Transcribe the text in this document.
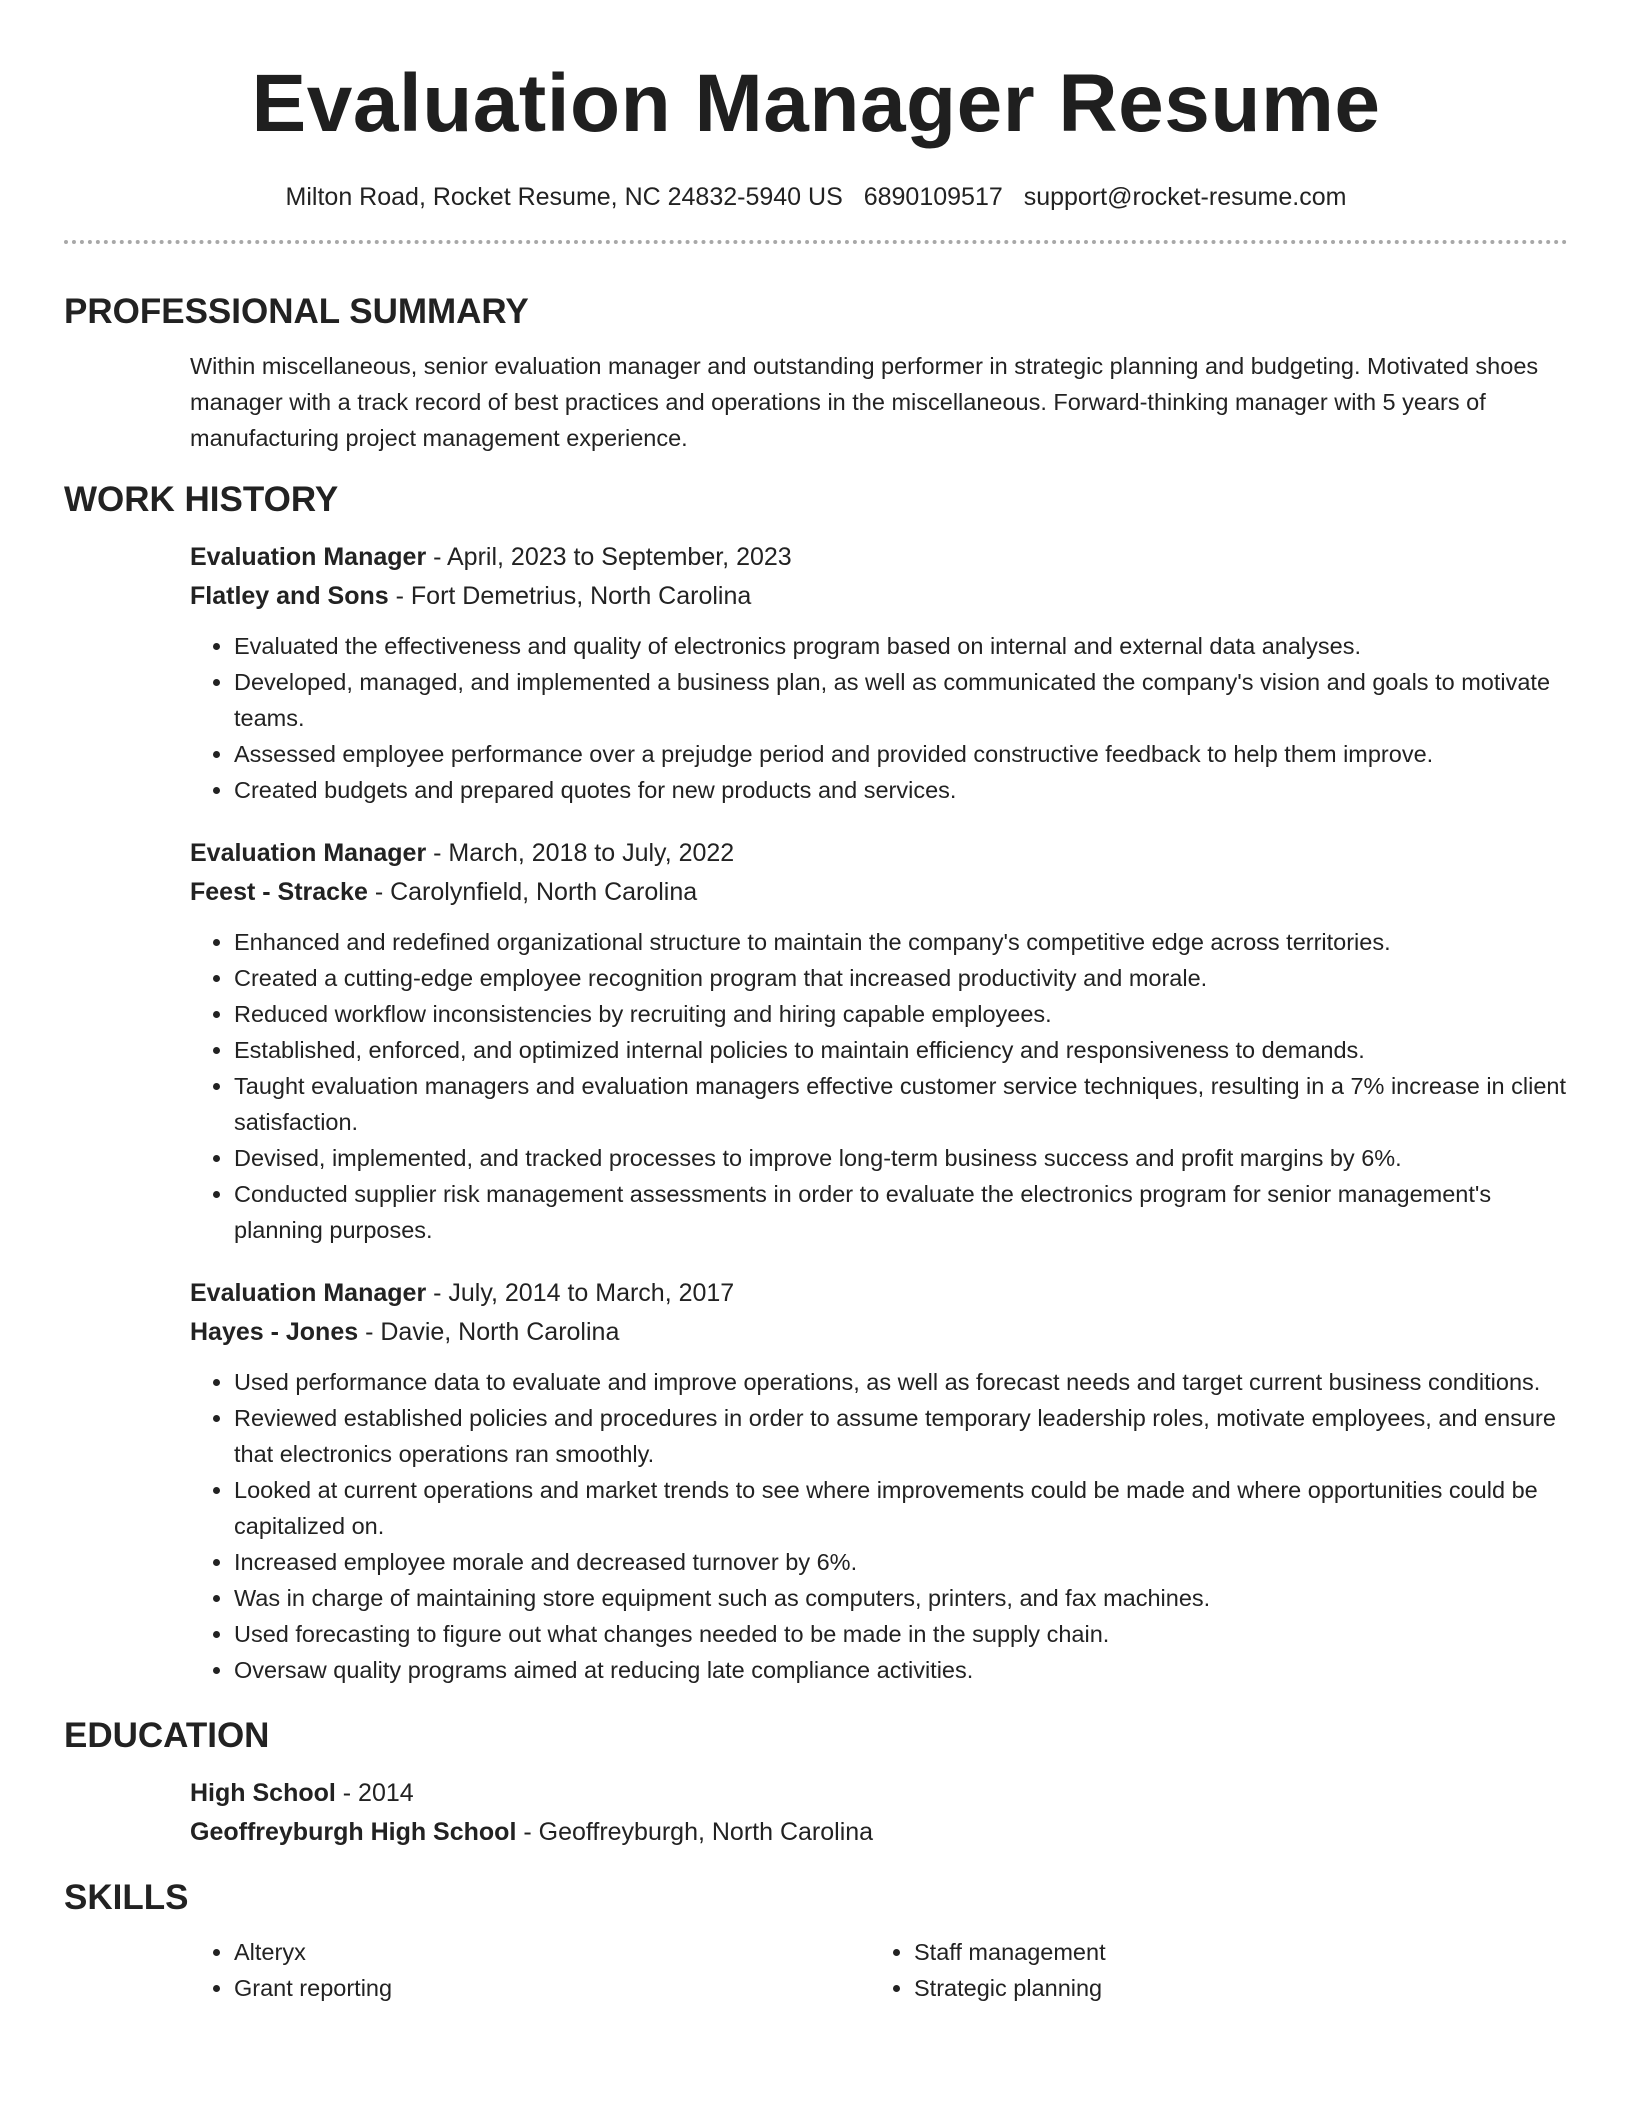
Evaluation Manager Resume
Milton Road, Rocket Resume, NC 24832-5940 US 6890109517 support@rocket-resume.com
PROFESSIONAL SUMMARY
Within miscellaneous, senior evaluation manager and outstanding performer in strategic planning and budgeting. Motivated shoes manager with a track record of best practices and operations in the miscellaneous. Forward-thinking manager with 5 years of manufacturing project management experience.
WORK HISTORY
Evaluation Manager - April, 2023 to September, 2023
Flatley and Sons - Fort Demetrius, North Carolina
• Evaluated the effectiveness and quality of electronics program based on internal and external data analyses.
• Developed, managed, and implemented a business plan, as well as communicated the company's vision and goals to motivate teams.
• Assessed employee performance over a prejudge period and provided constructive feedback to help them improve.
• Created budgets and prepared quotes for new products and services.
Evaluation Manager - March, 2018 to July, 2022
Feest - Stracke - Carolynfield, North Carolina
• Enhanced and redefined organizational structure to maintain the company's competitive edge across territories.
• Created a cutting-edge employee recognition program that increased productivity and morale.
• Reduced workflow inconsistencies by recruiting and hiring capable employees.
• Established, enforced, and optimized internal policies to maintain efficiency and responsiveness to demands.
• Taught evaluation managers and evaluation managers effective customer service techniques, resulting in a 7% increase in client satisfaction.
• Devised, implemented, and tracked processes to improve long-term business success and profit margins by 6%.
• Conducted supplier risk management assessments in order to evaluate the electronics program for senior management's planning purposes.
Evaluation Manager - July, 2014 to March, 2017
Hayes - Jones - Davie, North Carolina
• Used performance data to evaluate and improve operations, as well as forecast needs and target current business conditions.
• Reviewed established policies and procedures in order to assume temporary leadership roles, motivate employees, and ensure that electronics operations ran smoothly.
• Looked at current operations and market trends to see where improvements could be made and where opportunities could be capitalized on.
• Increased employee morale and decreased turnover by 6%.
• Was in charge of maintaining store equipment such as computers, printers, and fax machines.
• Used forecasting to figure out what changes needed to be made in the supply chain.
• Oversaw quality programs aimed at reducing late compliance activities.
EDUCATION
High School - 2014
Geoffreyburgh High School - Geoffreyburgh, North Carolina
SKILLS
• Alteryx
• Grant reporting
• Staff management
• Strategic planning
